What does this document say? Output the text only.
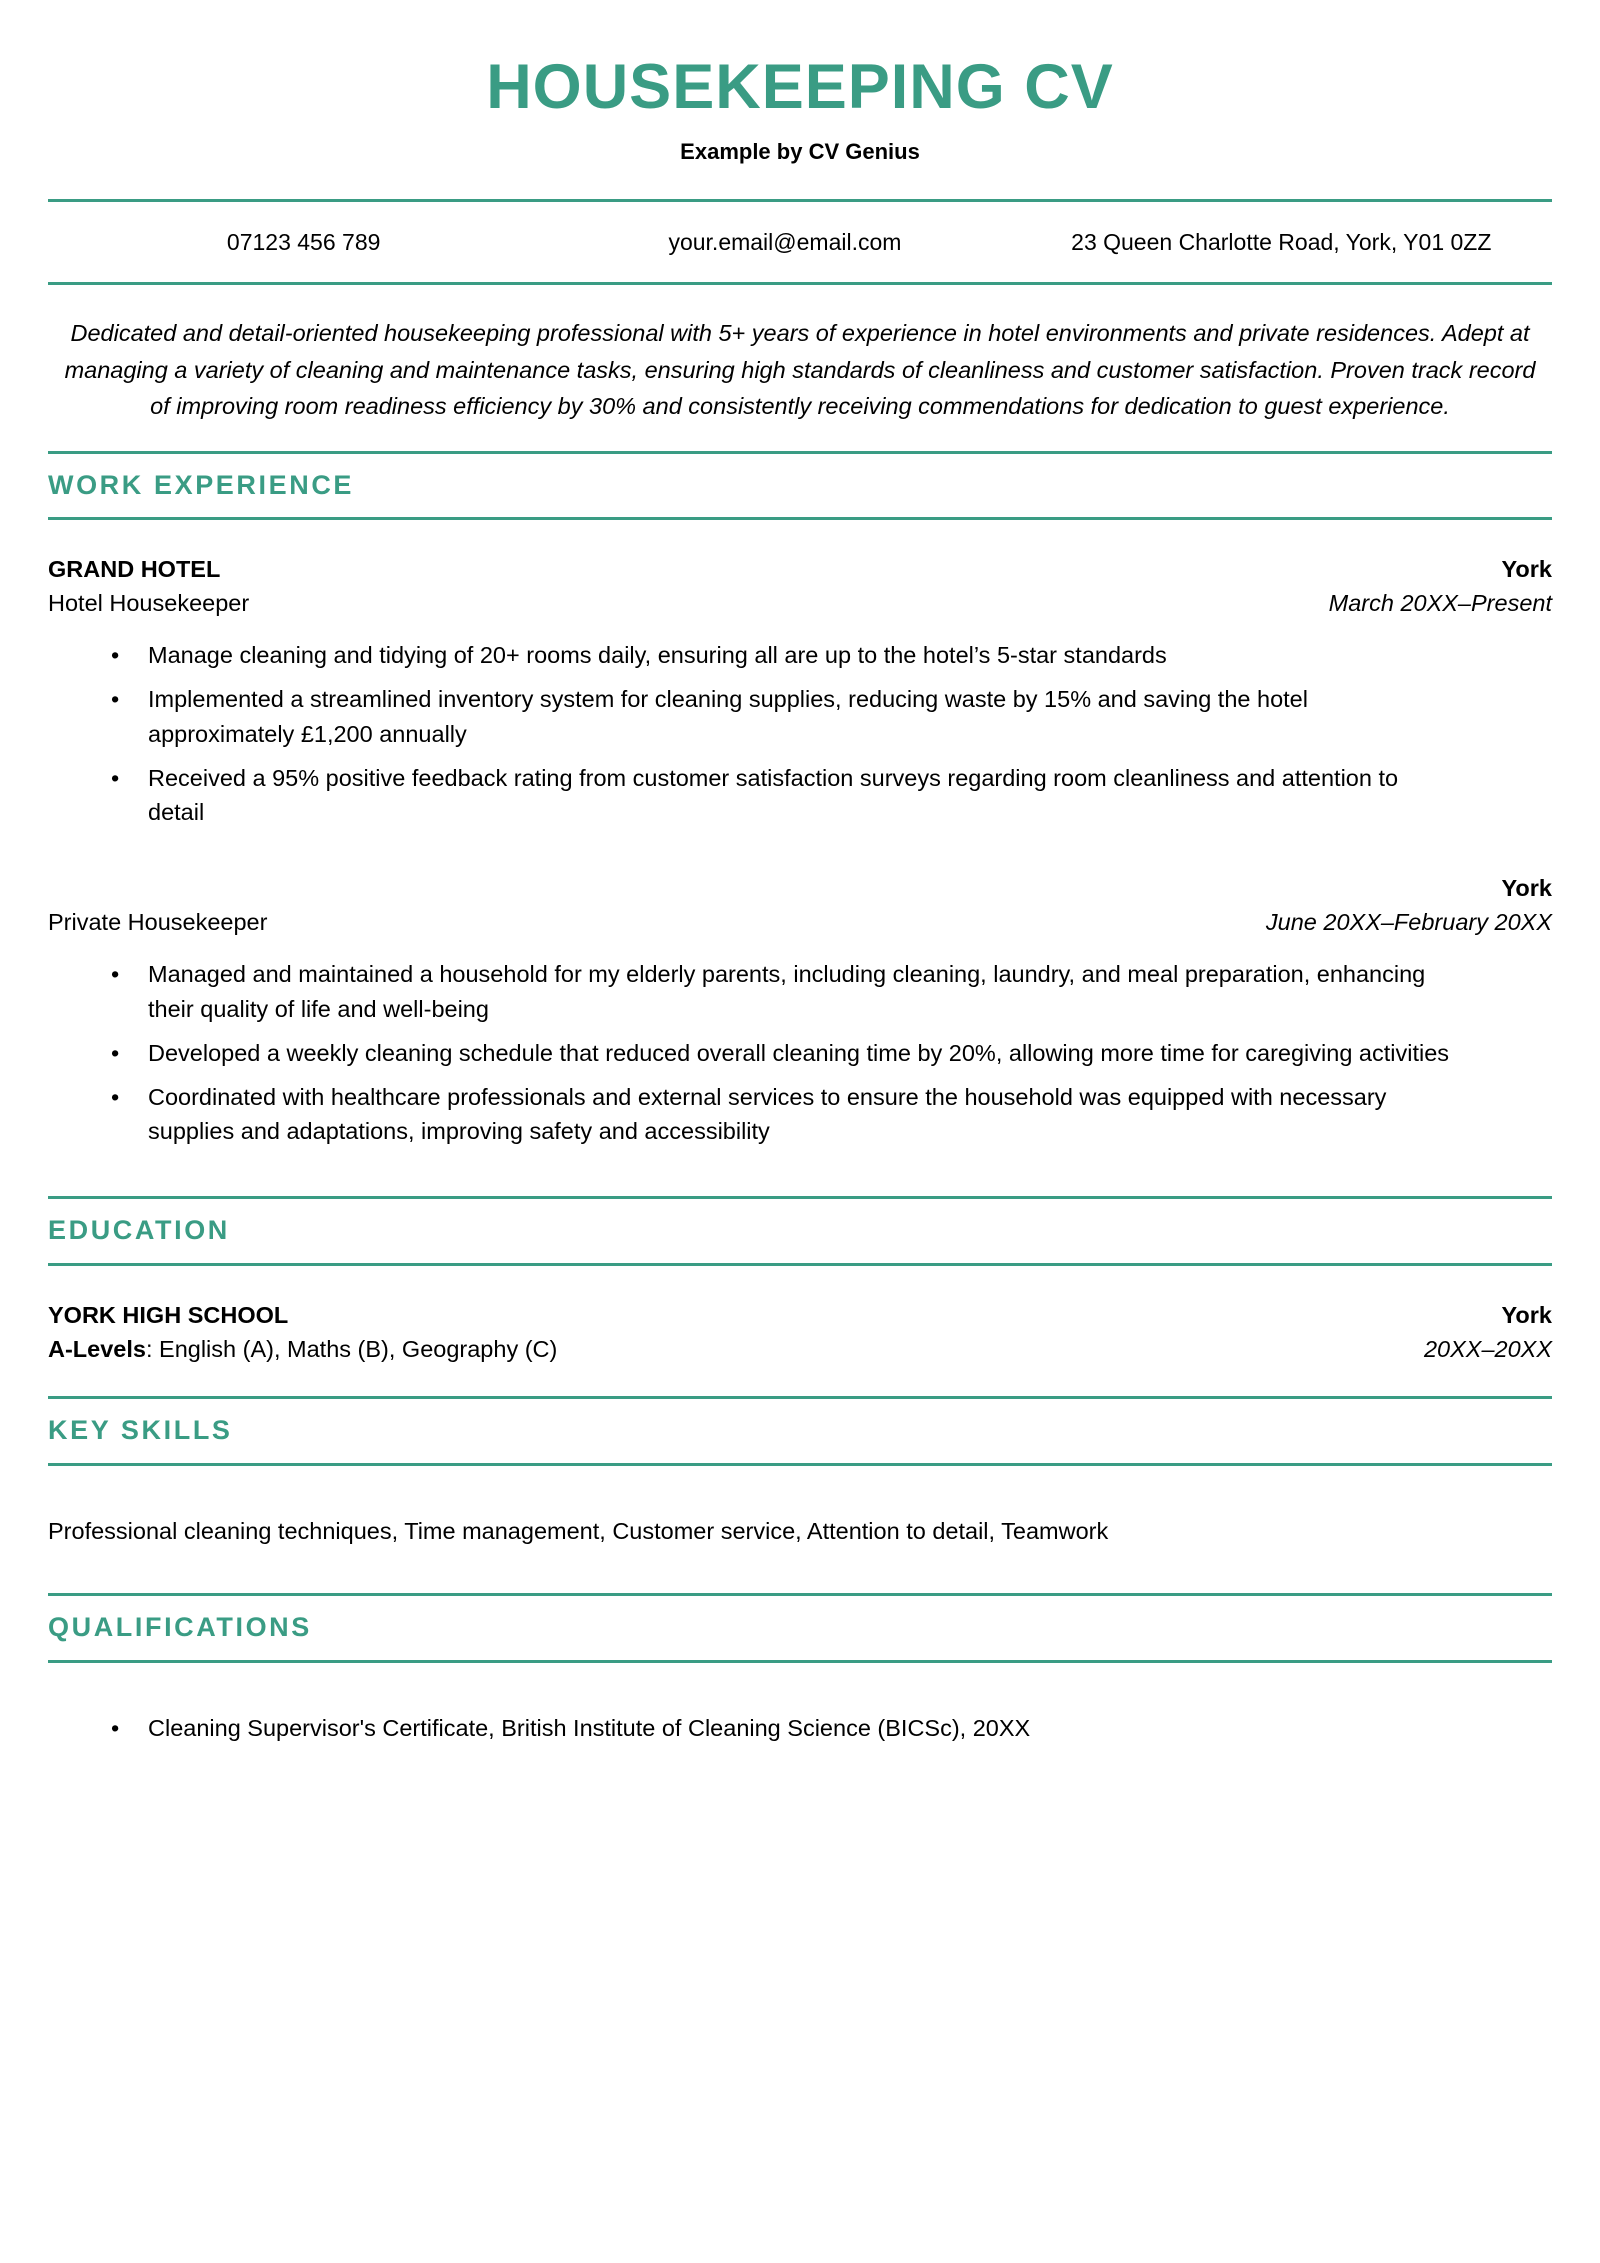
HOUSEKEEPING CV
Example by CV Genius
07123 456 789	your.email@email.com	23 Queen Charlotte Road, York, Y01 0ZZ
Dedicated and detail-oriented housekeeping professional with 5+ years of experience in hotel environments and private residences. Adept at managing a variety of cleaning and maintenance tasks, ensuring high standards of cleanliness and customer satisfaction. Proven track record of improving room readiness efficiency by 30% and consistently receiving commendations for dedication to guest experience.
WORK EXPERIENCE
GRAND HOTEL	York
Hotel Housekeeper	March 20XX–Present
• Manage cleaning and tidying of 20+ rooms daily, ensuring all are up to the hotel’s 5-star standards
• Implemented a streamlined inventory system for cleaning supplies, reducing waste by 15% and saving the hotel approximately £1,200 annually
• Received a 95% positive feedback rating from customer satisfaction surveys regarding room cleanliness and attention to detail
York
Private Housekeeper	June 20XX–February 20XX
• Managed and maintained a household for my elderly parents, including cleaning, laundry, and meal preparation, enhancing their quality of life and well-being
• Developed a weekly cleaning schedule that reduced overall cleaning time by 20%, allowing more time for caregiving activities
• Coordinated with healthcare professionals and external services to ensure the household was equipped with necessary supplies and adaptations, improving safety and accessibility
EDUCATION
YORK HIGH SCHOOL	York
A-Levels: English (A), Maths (B), Geography (C)	20XX–20XX
KEY SKILLS
Professional cleaning techniques, Time management, Customer service, Attention to detail, Teamwork
QUALIFICATIONS
• Cleaning Supervisor's Certificate, British Institute of Cleaning Science (BICSc), 20XX
